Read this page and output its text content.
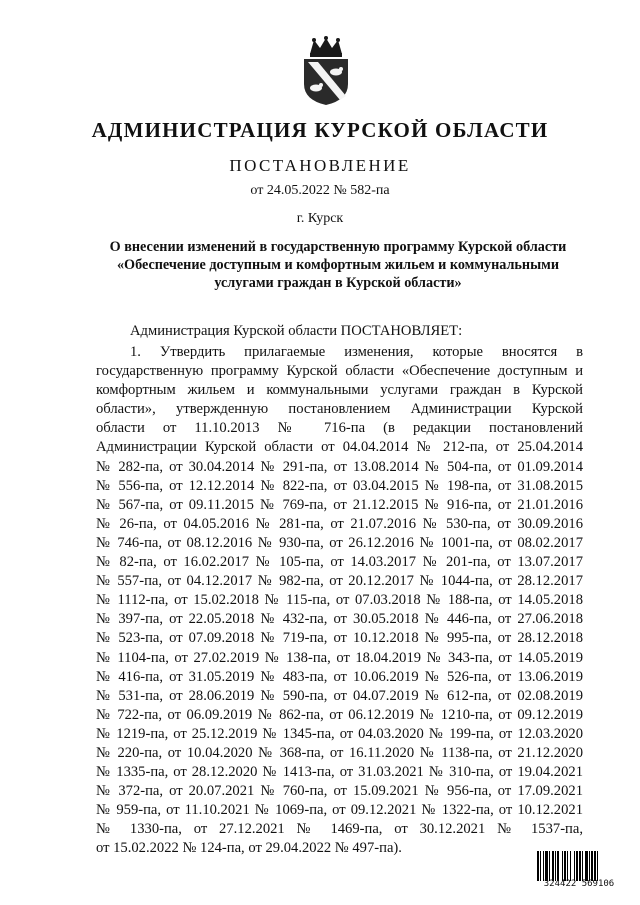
АДМИНИСТРАЦИЯ КУРСКОЙ ОБЛАСТИ
ПОСТАНОВЛЕНИЕ
от 24.05.2022 № 582-па
г. Курск
О внесении изменений в государственную программу Курской области
«Обеспечение доступным и комфортным жильем и коммунальными
услугами граждан в Курской области»
Администрация Курской области ПОСТАНОВЛЯЕТ:
1. Утвердить прилагаемые изменения, которые вносятся в
государственную программу Курской области «Обеспечение доступным и
комфортным жильем и коммунальными услугами граждан в Курской
области», утвержденную постановлением Администрации Курской
области от 11.10.2013 № 716-па (в редакции постановлений
Администрации Курской области от 04.04.2014 № 212-па, от 25.04.2014
№ 282-па, от 30.04.2014 № 291-па, от 13.08.2014 № 504-па, от 01.09.2014
№ 556-па, от 12.12.2014 № 822-па, от 03.04.2015 № 198-па, от 31.08.2015
№ 567-па, от 09.11.2015 № 769-па, от 21.12.2015 № 916-па, от 21.01.2016
№ 26-па, от 04.05.2016 № 281-па, от 21.07.2016 № 530-па, от 30.09.2016
№ 746-па, от 08.12.2016 № 930-па, от 26.12.2016 № 1001-па, от 08.02.2017
№ 82-па, от 16.02.2017 № 105-па, от 14.03.2017 № 201-па, от 13.07.2017
№ 557-па, от 04.12.2017 № 982-па, от 20.12.2017 № 1044-па, от 28.12.2017
№ 1112-па, от 15.02.2018 № 115-па, от 07.03.2018 № 188-па, от 14.05.2018
№ 397-па, от 22.05.2018 № 432-па, от 30.05.2018 № 446-па, от 27.06.2018
№ 523-па, от 07.09.2018 № 719-па, от 10.12.2018 № 995-па, от 28.12.2018
№ 1104-па, от 27.02.2019 № 138-па, от 18.04.2019 № 343-па, от 14.05.2019
№ 416-па, от 31.05.2019 № 483-па, от 10.06.2019 № 526-па, от 13.06.2019
№ 531-па, от 28.06.2019 № 590-па, от 04.07.2019 № 612-па, от 02.08.2019
№ 722-па, от 06.09.2019 № 862-па, от 06.12.2019 № 1210-па, от 09.12.2019
№ 1219-па, от 25.12.2019 № 1345-па, от 04.03.2020 № 199-па, от 12.03.2020
№ 220-па, от 10.04.2020 № 368-па, от 16.11.2020 № 1138-па, от 21.12.2020
№ 1335-па, от 28.12.2020 № 1413-па, от 31.03.2021 № 310-па, от 19.04.2021
№ 372-па, от 20.07.2021 № 760-па, от 15.09.2021 № 956-па, от 17.09.2021
№ 959-па, от 11.10.2021 № 1069-па, от 09.12.2021 № 1322-па, от 10.12.2021
№ 1330-па, от 27.12.2021 № 1469-па, от 30.12.2021 № 1537-па,
от 15.02.2022 № 124-па, от 29.04.2022 № 497-па).
324422 569106
